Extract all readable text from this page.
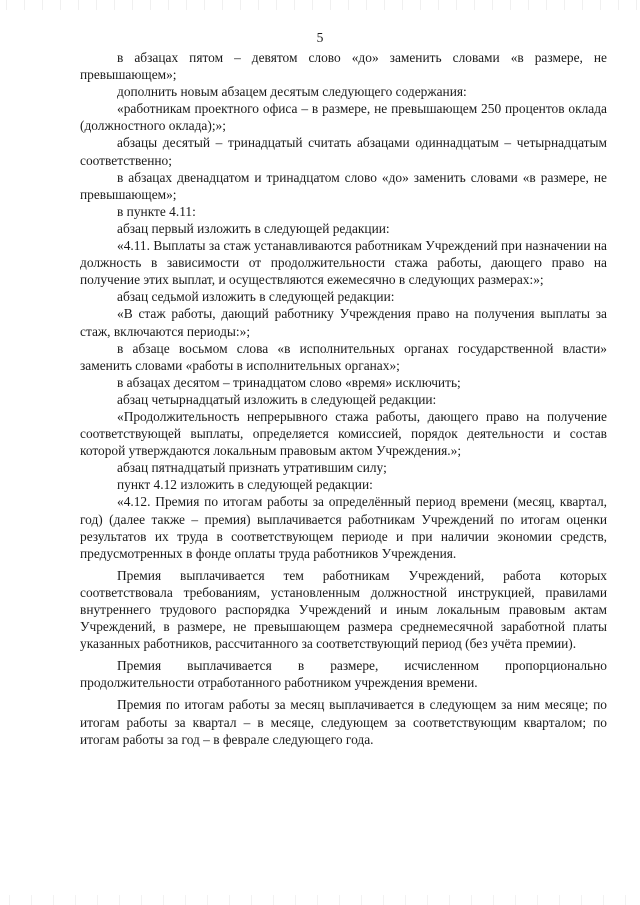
5

в абзацах пятом – девятом слово «до» заменить словами «в размере, не превышающем»;

дополнить новым абзацем десятым следующего содержания:

«работникам проектного офиса – в размере, не превышающем 250 процентов оклада (должностного оклада);»;

абзацы десятый – тринадцатый считать абзацами одиннадцатым – четырнадцатым соответственно;

в абзацах двенадцатом и тринадцатом слово «до» заменить словами «в размере, не превышающем»;

в пункте 4.11:

абзац первый изложить в следующей редакции:

«4.11. Выплаты за стаж устанавливаются работникам Учреждений при назначении на должность в зависимости от продолжительности стажа работы, дающего право на получение этих выплат, и осуществляются ежемесячно в следующих размерах:»;

абзац седьмой изложить в следующей редакции:

«В стаж работы, дающий работнику Учреждения право на получения выплаты за стаж, включаются периоды:»;

в абзаце восьмом слова «в исполнительных органах государственной власти» заменить словами «работы в исполнительных органах»;

в абзацах десятом – тринадцатом слово «время» исключить;

абзац четырнадцатый изложить в следующей редакции:

«Продолжительность непрерывного стажа работы, дающего право на получение соответствующей выплаты, определяется комиссией, порядок деятельности и состав которой утверждаются локальным правовым актом Учреждения.»;

абзац пятнадцатый признать утратившим силу;

пункт 4.12 изложить в следующей редакции:

«4.12. Премия по итогам работы за определённый период времени (месяц, квартал, год) (далее также – премия) выплачивается работникам Учреждений по итогам оценки результатов их труда в соответствующем периоде и при наличии экономии средств, предусмотренных в фонде оплаты труда работников Учреждения.

Премия выплачивается тем работникам Учреждений, работа которых соответствовала требованиям, установленным должностной инструкцией, правилами внутреннего трудового распорядка Учреждений и иным локальным правовым актам Учреждений, в размере, не превышающем размера среднемесячной заработной платы указанных работников, рассчитанного за соответствующий период (без учёта премии).

Премия выплачивается в размере, исчисленном пропорционально продолжительности отработанного работником учреждения времени.

Премия по итогам работы за месяц выплачивается в следующем за ним месяце; по итогам работы за квартал – в месяце, следующем за соответствующим кварталом; по итогам работы за год – в феврале следующего года.
